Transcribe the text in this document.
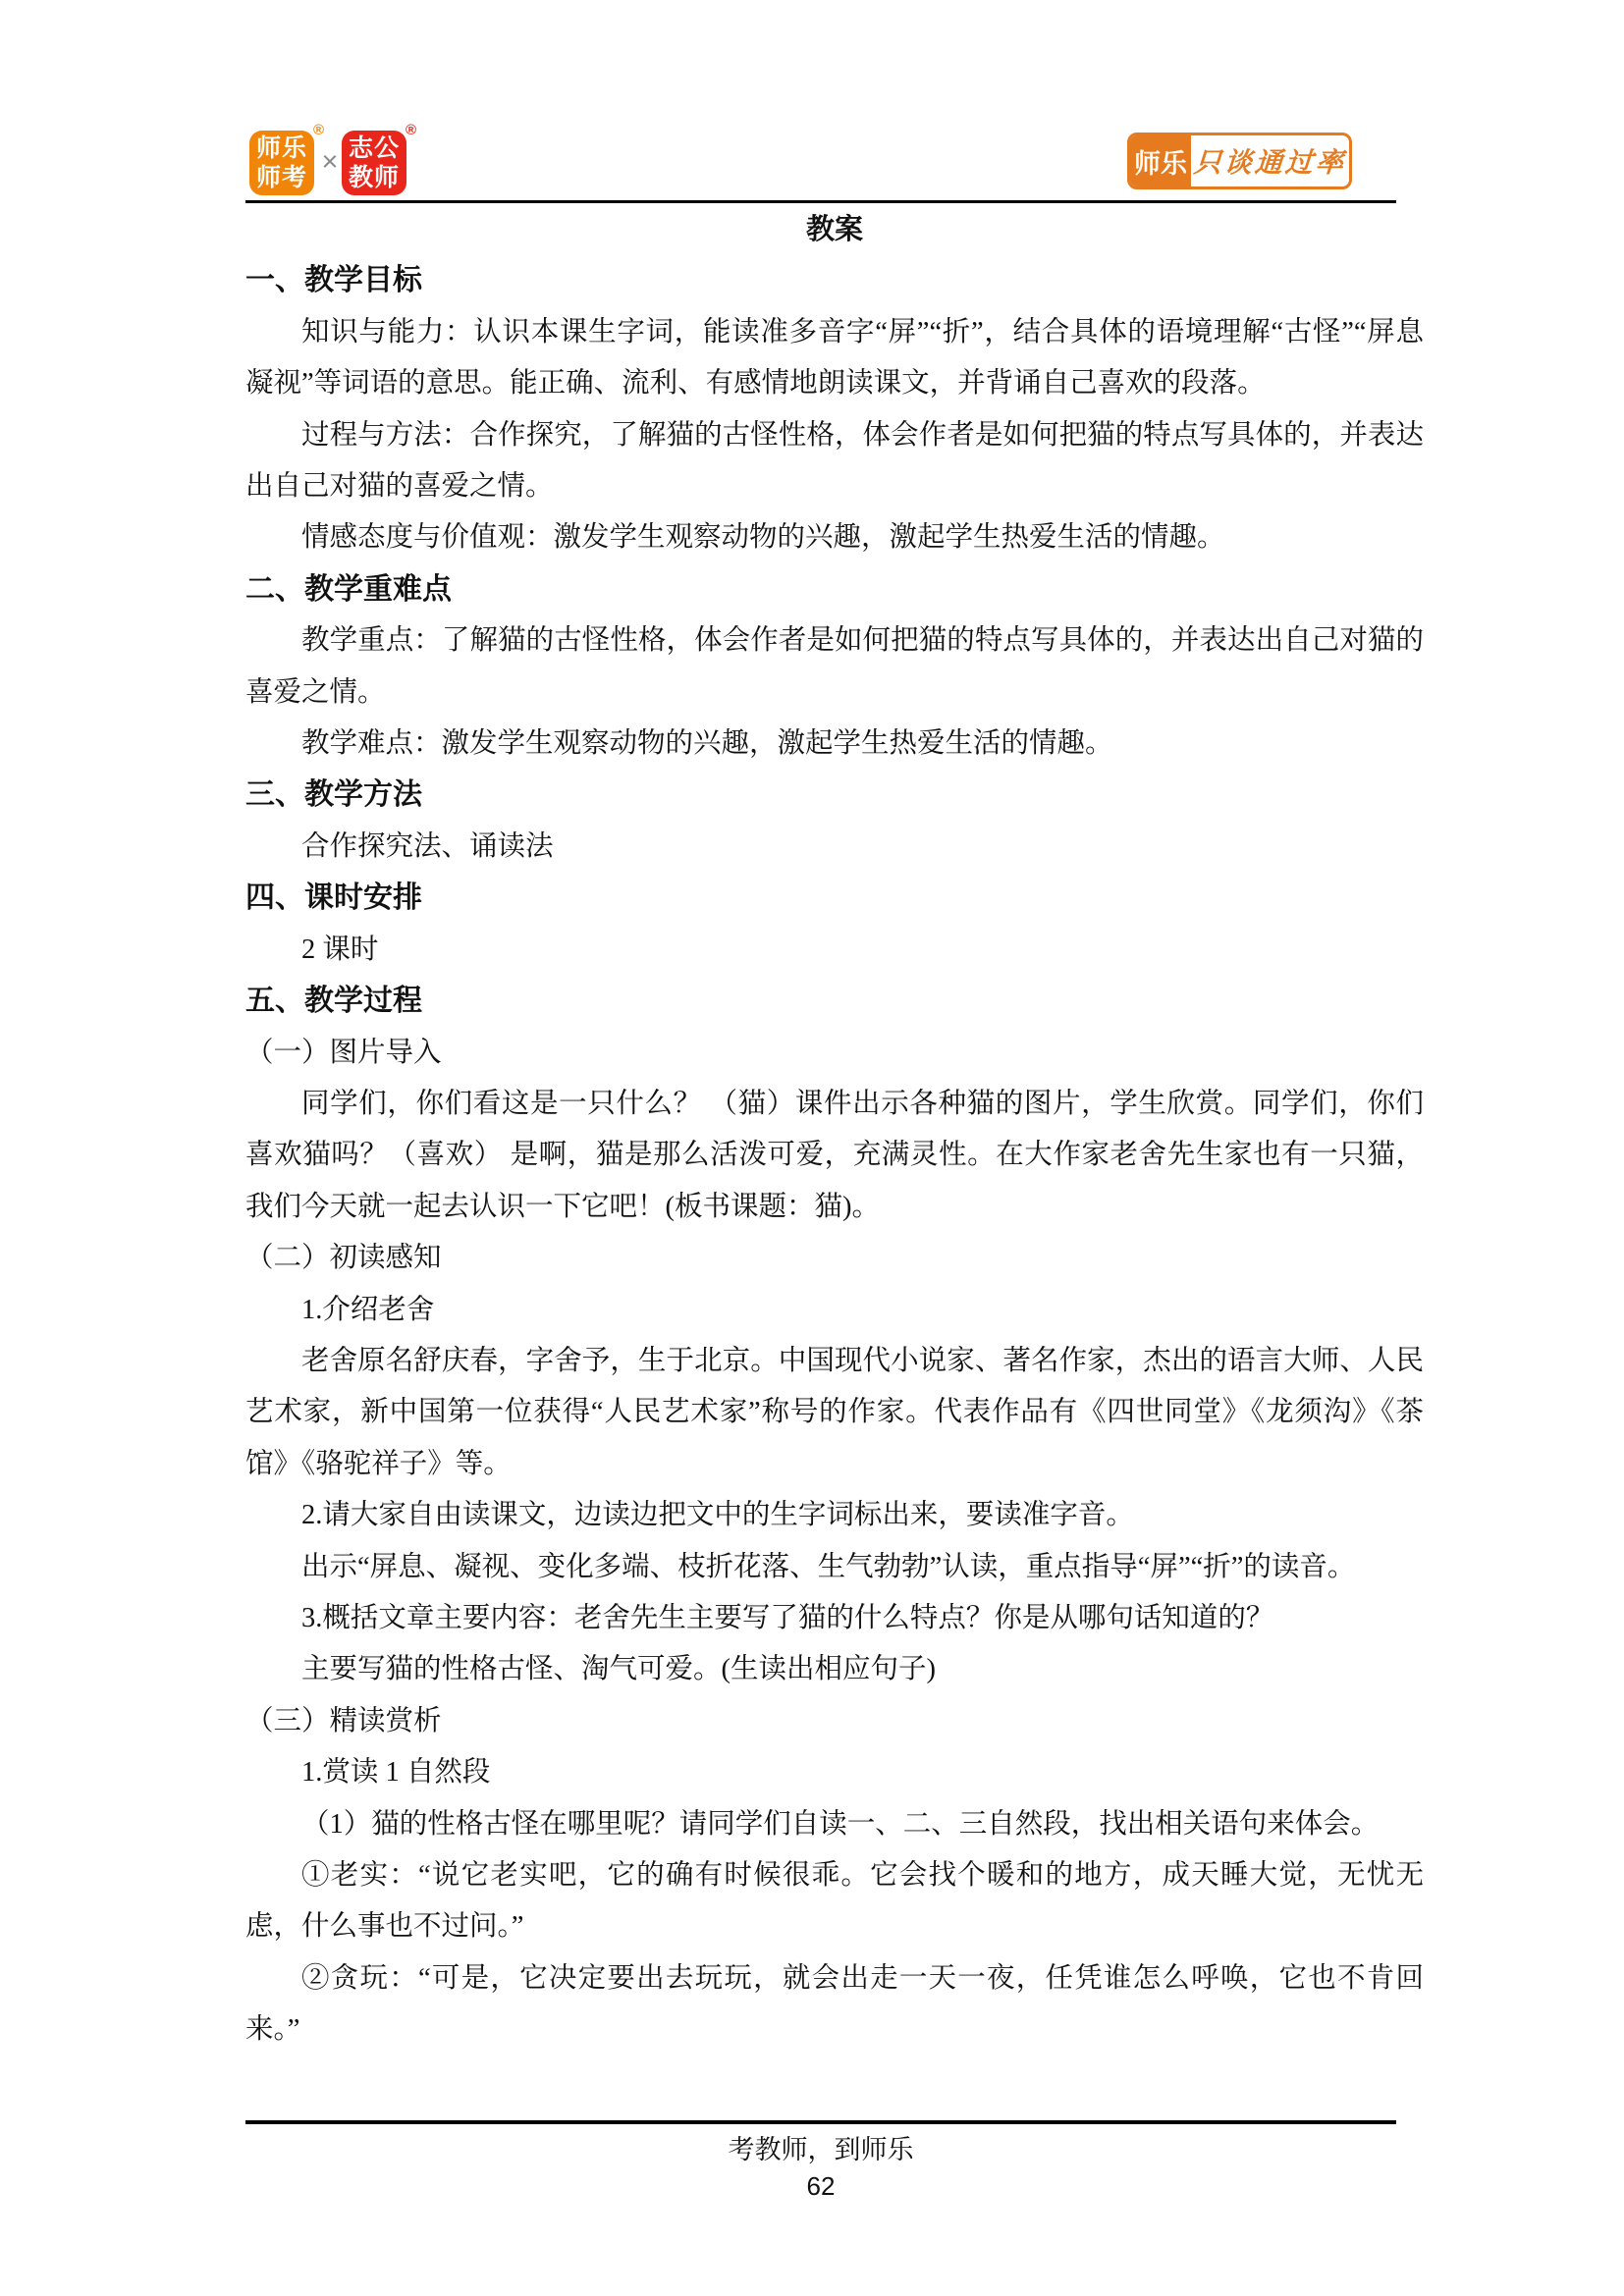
师乐
师考
®
× 志公
教师
®
师乐 只谈通过率

教案

一、教学目标

知识与能力：认识本课生字词，能读准多音字“屏”“折”，结合具体的语境理解“古怪”“屏息凝视”等词语的意思。能正确、流利、有感情地朗读课文，并背诵自己喜欢的段落。

过程与方法：合作探究，了解猫的古怪性格，体会作者是如何把猫的特点写具体的，并表达出自己对猫的喜爱之情。

情感态度与价值观：激发学生观察动物的兴趣，激起学生热爱生活的情趣。

二、教学重难点

教学重点：了解猫的古怪性格，体会作者是如何把猫的特点写具体的，并表达出自己对猫的喜爱之情。

教学难点：激发学生观察动物的兴趣，激起学生热爱生活的情趣。

三、教学方法

合作探究法、诵读法

四、课时安排

2 课时

五、教学过程

（一）图片导入

同学们，你们看这是一只什么？ （猫）课件出示各种猫的图片，学生欣赏。同学们，你们喜欢猫吗？（喜欢） 是啊，猫是那么活泼可爱，充满灵性。在大作家老舍先生家也有一只猫，我们今天就一起去认识一下它吧！(板书课题：猫)。

（二）初读感知

1.介绍老舍

老舍原名舒庆春，字舍予，生于北京。中国现代小说家、著名作家，杰出的语言大师、人民艺术家，新中国第一位获得“人民艺术家”称号的作家。代表作品有《四世同堂》《龙须沟》《茶馆》《骆驼祥子》等。

2.请大家自由读课文，边读边把文中的生字词标出来，要读准字音。

出示“屏息、凝视、变化多端、枝折花落、生气勃勃”认读，重点指导“屏”“折”的读音。

3.概括文章主要内容：老舍先生主要写了猫的什么特点？你是从哪句话知道的？

主要写猫的性格古怪、淘气可爱。(生读出相应句子)

（三）精读赏析

1.赏读 1 自然段

（1）猫的性格古怪在哪里呢？请同学们自读一、二、三自然段，找出相关语句来体会。

①老实：“说它老实吧，它的确有时候很乖。它会找个暖和的地方，成天睡大觉，无忧无虑，什么事也不过问。”

②贪玩：“可是，它决定要出去玩玩，就会出走一天一夜，任凭谁怎么呼唤，它也不肯回来。”

考教师，到师乐
62
